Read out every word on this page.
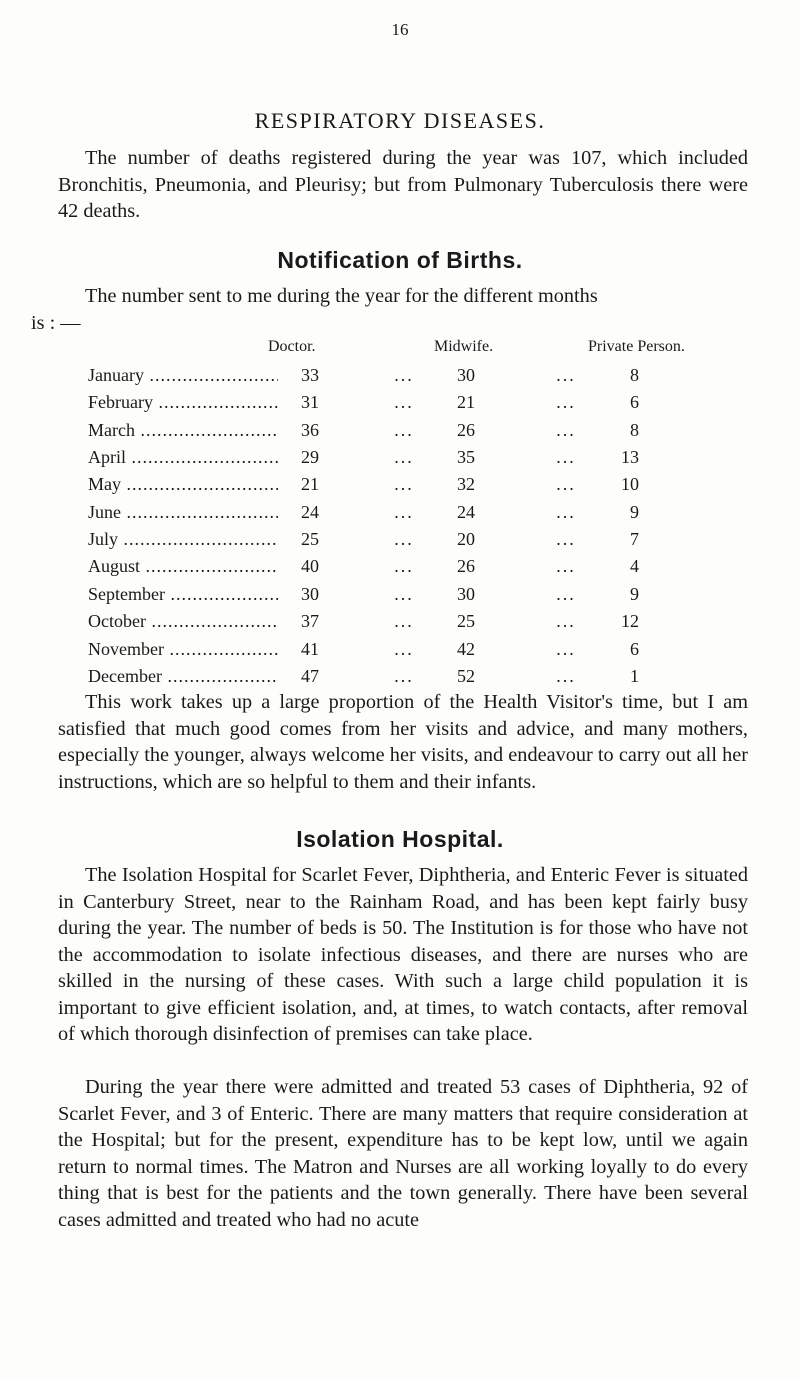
16
RESPIRATORY DISEASES.

The number of deaths registered during the year was 107, which included Bronchitis, Pneumonia, and Pleurisy; but from Pulmonary Tuberculosis there were 42 deaths.

Notification of Births.

The number sent to me during the year for the different months
is : —

Doctor.	Midwife.	Private Person.
January .....	33	...	30	...	8
February .....	31	...	21	...	6
March .....	36	...	26	...	8
April .....	29	...	35	...	13
May .....	21	...	32	...	10
June .....	24	...	24	...	9
July .....	25	...	20	...	7
August .....	40	...	26	...	4
September .....	30	...	30	...	9
October .....	37	...	25	...	12
November .....	41	...	42	...	6
December .....	47	...	52	...	1

This work takes up a large proportion of the Health Visitor's time, but I am satisfied that much good comes from her visits and advice, and many mothers, especially the younger, always welcome her visits, and endeavour to carry out all her instructions, which are so helpful to them and their infants.

Isolation Hospital.

The Isolation Hospital for Scarlet Fever, Diphtheria, and Enteric Fever is situated in Canterbury Street, near to the Rainham Road, and has been kept fairly busy during the year. The number of beds is 50. The Institution is for those who have not the accommodation to isolate infectious diseases, and there are nurses who are skilled in the nursing of these cases. With such a large child population it is important to give efficient isolation, and, at times, to watch contacts, after removal of which thorough disinfection of premises can take place.

During the year there were admitted and treated 53 cases of Diphtheria, 92 of Scarlet Fever, and 3 of Enteric. There are many matters that require consideration at the Hospital; but for the present, expenditure has to be kept low, until we again return to normal times. The Matron and Nurses are all working loyally to do every thing that is best for the patients and the town generally. There have been several cases admitted and treated who had no acute
